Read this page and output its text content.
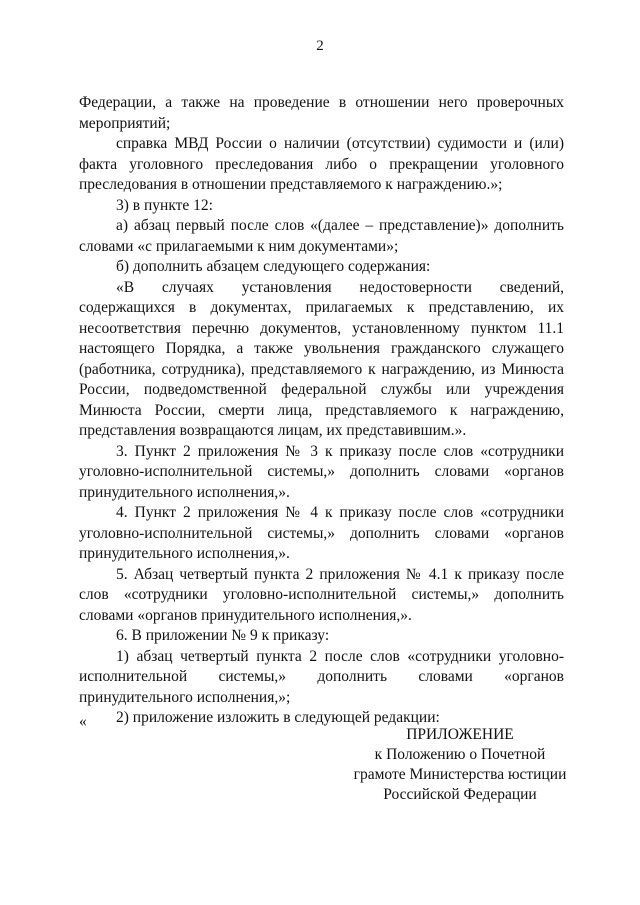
2

Федерации, а также на проведение в отношении него проверочных мероприятий;

справка МВД России о наличии (отсутствии) судимости и (или) факта уголовного преследования либо о прекращении уголовного преследования в отношении представляемого к награждению.»;

3) в пункте 12:

а) абзац первый после слов «(далее – представление)» дополнить словами «с прилагаемыми к ним документами»;

б) дополнить абзацем следующего содержания:

«В случаях установления недостоверности сведений, содержащихся в документах, прилагаемых к представлению, их несоответствия перечню документов, установленному пунктом 11.1 настоящего Порядка, а также увольнения гражданского служащего (работника, сотрудника), представляемого к награждению, из Минюста России, подведомственной федеральной службы или учреждения Минюста России, смерти лица, представляемого к награждению, представления возвращаются лицам, их представившим.».

3. Пункт 2 приложения № 3 к приказу после слов «сотрудники уголовно-исполнительной системы,» дополнить словами «органов принудительного исполнения,».

4. Пункт 2 приложения № 4 к приказу после слов «сотрудники уголовно-исполнительной системы,» дополнить словами «органов принудительного исполнения,».

5. Абзац четвертый пункта 2 приложения № 4.1 к приказу после слов «сотрудники уголовно-исполнительной системы,» дополнить словами «органов принудительного исполнения,».

6. В приложении № 9 к приказу:

1) абзац четвертый пункта 2 после слов «сотрудники уголовно-исполнительной системы,» дополнить словами «органов принудительного исполнения,»;

2) приложение изложить в следующей редакции:

«
ПРИЛОЖЕНИЕ
к Положению о Почетной
грамоте Министерства юстиции
Российской Федерации
